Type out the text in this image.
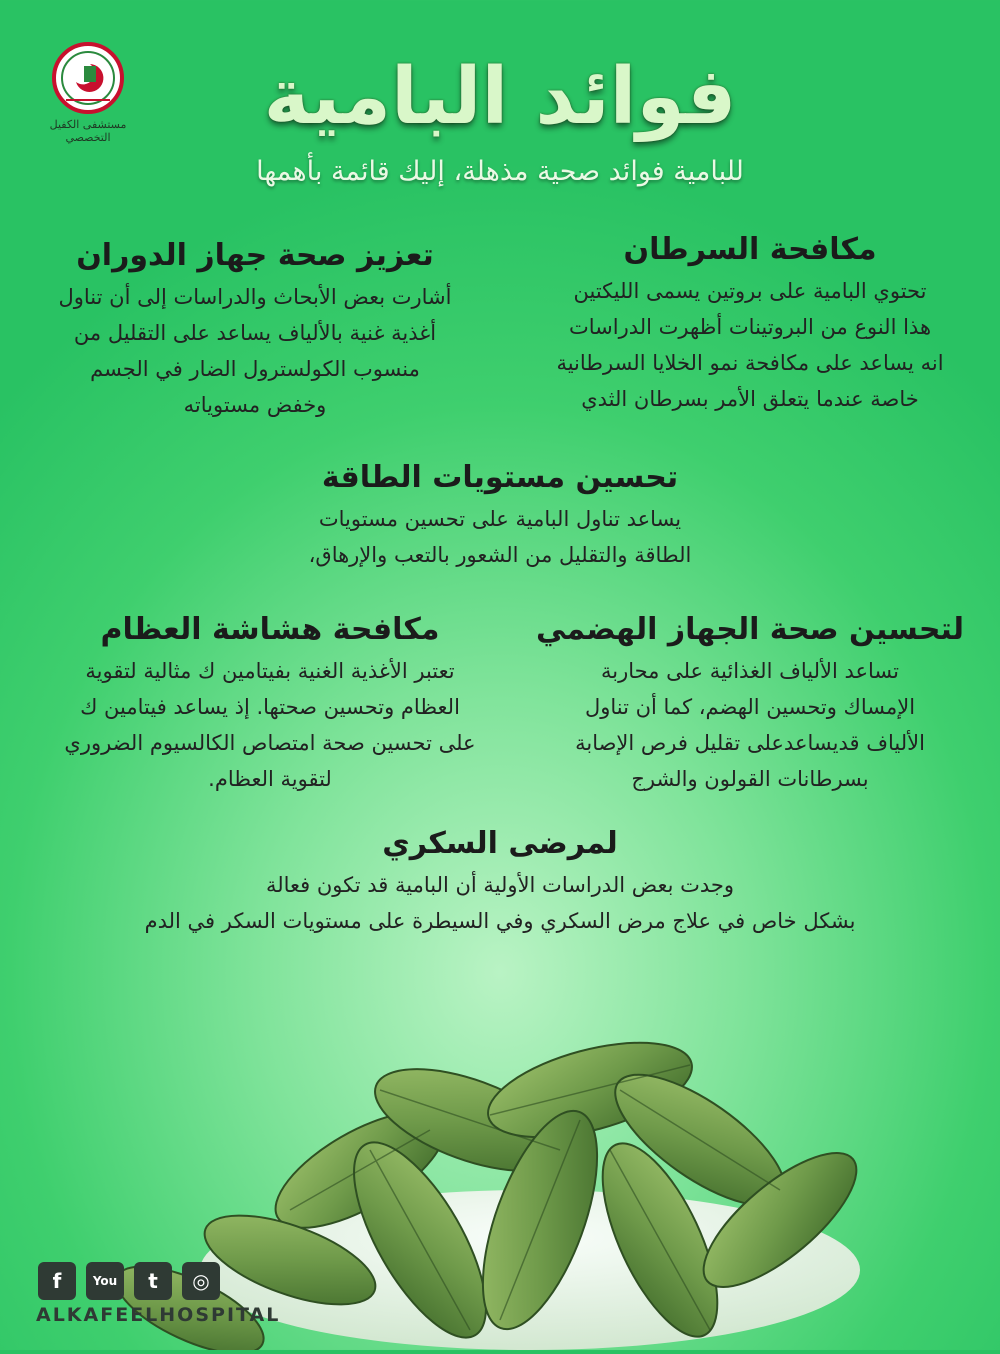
مستشفى الكفيل التخصصي	فوائد البامية
للبامية فوائد صحية مذهلة، إليك قائمة بأهمها
مكافحة السرطان

تحتوي البامية على بروتين يسمى الليكتين

هذا النوع من البروتينات أظهرت الدراسات

انه يساعد على مكافحة نمو الخلايا السرطانية

خاصة عندما يتعلق الأمر بسرطان الثدي

تعزيز صحة جهاز الدوران

أشارت بعض الأبحاث والدراسات إلى أن تناول

أغذية غنية بالألياف يساعد على التقليل من

منسوب الكولسترول الضار في الجسم

وخفض مستوياته

تحسين مستويات الطاقة

يساعد تناول البامية على تحسين مستويات

الطاقة والتقليل من الشعور بالتعب والإرهاق،

لتحسين صحة الجهاز الهضمي

تساعد الألياف الغذائية على محاربة

الإمساك وتحسين الهضم، كما أن تناول

الألياف قديساعدعلى تقليل فرص الإصابة

بسرطانات القولون والشرج

مكافحة هشاشة العظام

تعتبر الأغذية الغنية بفيتامين ك مثالية لتقوية

العظام وتحسين صحتها. إذ يساعد فيتامين ك

على تحسين صحة امتصاص الكالسيوم الضروري

لتقوية العظام.

لمرضى السكري

وجدت بعض الدراسات الأولية أن البامية قد تكون فعالة

بشكل خاص في علاج مرض السكري وفي السيطرة على مستويات السكر في الدم

f	You	t	◎
ALKAFEELHOSPITAL
